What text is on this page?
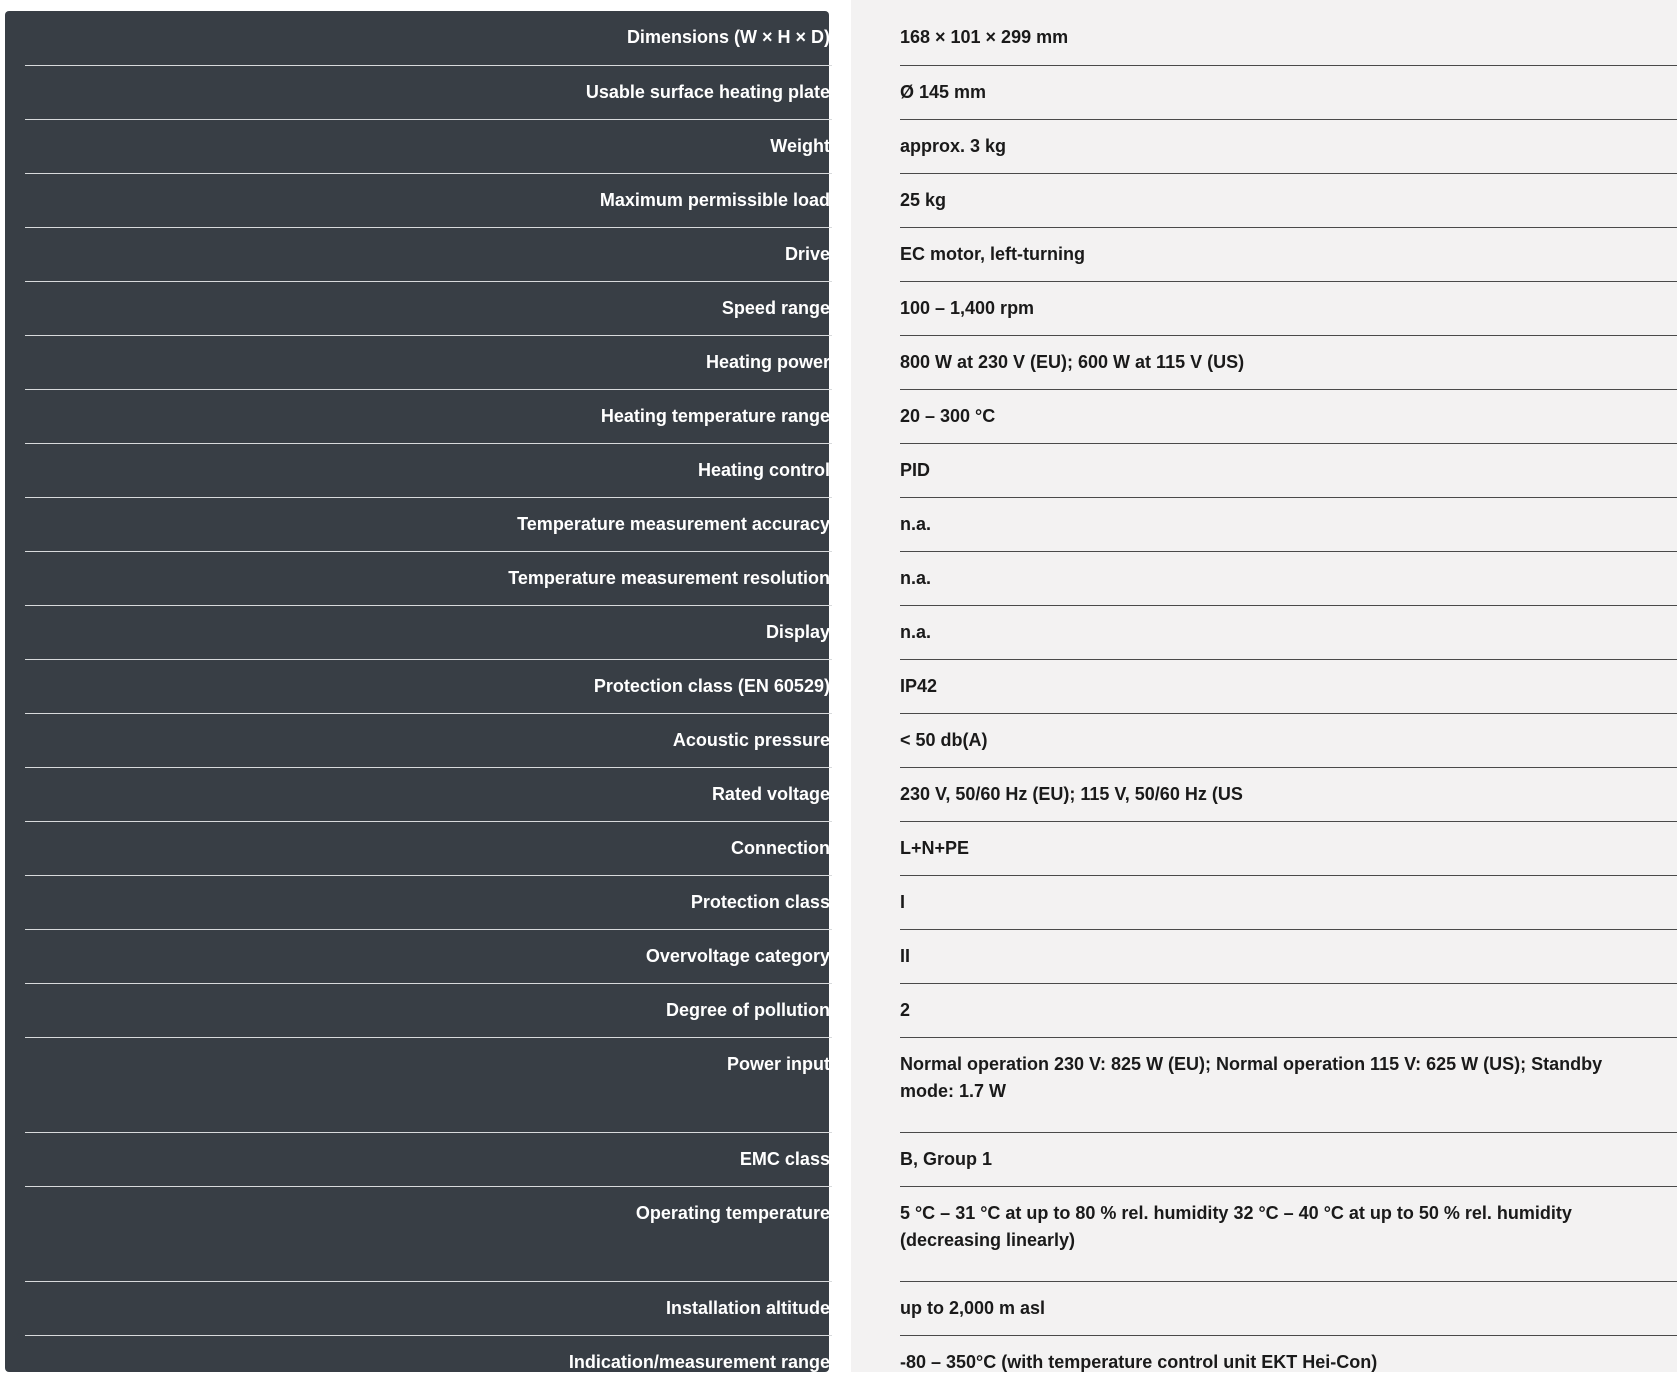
Dimensions (W × H × D)	168 × 101 × 299 mm
Usable surface heating plate	Ø 145 mm
Weight	approx. 3 kg
Maximum permissible load	25 kg
Drive	EC motor, left-turning
Speed range	100 – 1,400 rpm
Heating power	800 W at 230 V (EU); 600 W at 115 V (US)
Heating temperature range	20 – 300 °C
Heating control	PID
Temperature measurement accuracy	n.a.
Temperature measurement resolution	n.a.
Display	n.a.
Protection class (EN 60529)	IP42
Acoustic pressure	< 50 db(A)
Rated voltage	230 V, 50/60 Hz (EU); 115 V, 50/60 Hz (US
Connection	L+N+PE
Protection class	I
Overvoltage category	II
Degree of pollution	2
Power input	Normal operation 230 V: 825 W (EU); Normal operation 115 V: 625 W (US); Standby mode: 1.7 W
EMC class	B, Group 1
Operating temperature	5 °C – 31 °C at up to 80 % rel. humidity 32 °C – 40 °C at up to 50 % rel. humidity (decreasing linearly)
Installation altitude	up to 2,000 m asl
Indication/measurement range	-80 – 350°C (with temperature control unit EKT Hei-Con)
